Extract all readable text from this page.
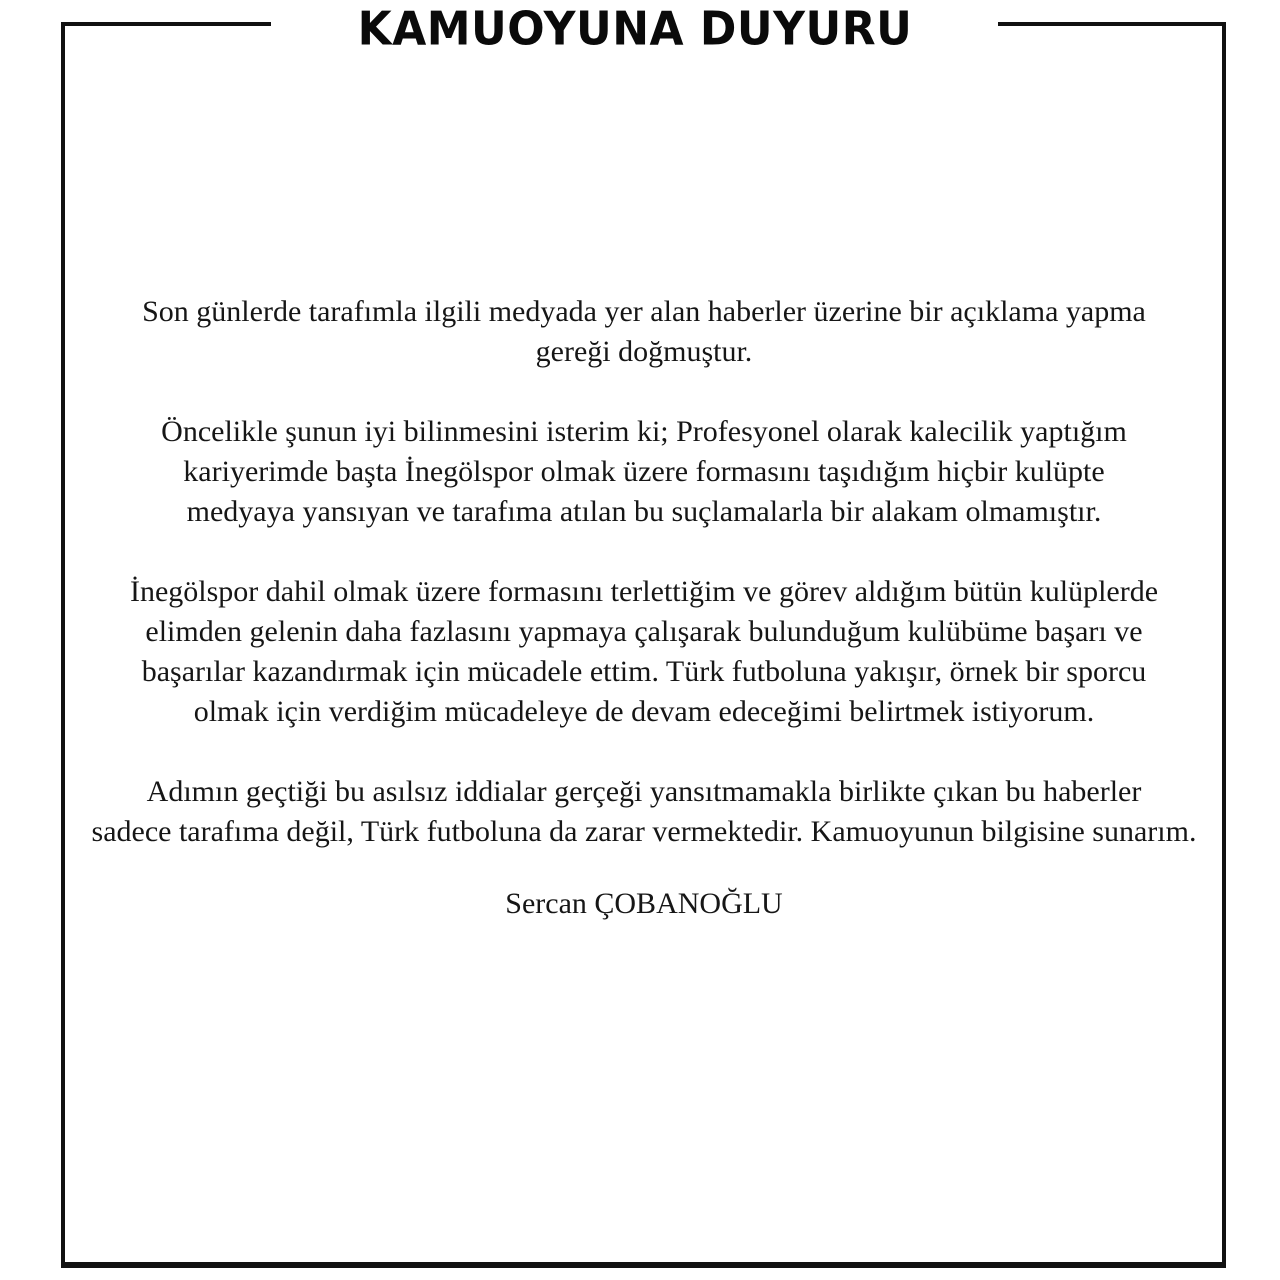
KAMUOYUNA DUYURU

Son günlerde tarafımla ilgili medyada yer alan haberler üzerine bir açıklama yapma
gereği doğmuştur.

Öncelikle şunun iyi bilinmesini isterim ki; Profesyonel olarak kalecilik yaptığım
kariyerimde başta İnegölspor olmak üzere formasını taşıdığım hiçbir kulüpte
medyaya yansıyan ve tarafıma atılan bu suçlamalarla bir alakam olmamıştır.

İnegölspor dahil olmak üzere formasını terlettiğim ve görev aldığım bütün kulüplerde
elimden gelenin daha fazlasını yapmaya çalışarak bulunduğum kulübüme başarı ve
başarılar kazandırmak için mücadele ettim. Türk futboluna yakışır, örnek bir sporcu
olmak için verdiğim mücadeleye de devam edeceğimi belirtmek istiyorum.

Adımın geçtiği bu asılsız iddialar gerçeği yansıtmamakla birlikte çıkan bu haberler
sadece tarafıma değil, Türk futboluna da zarar vermektedir. Kamuoyunun bilgisine sunarım.

Sercan ÇOBANOĞLU
